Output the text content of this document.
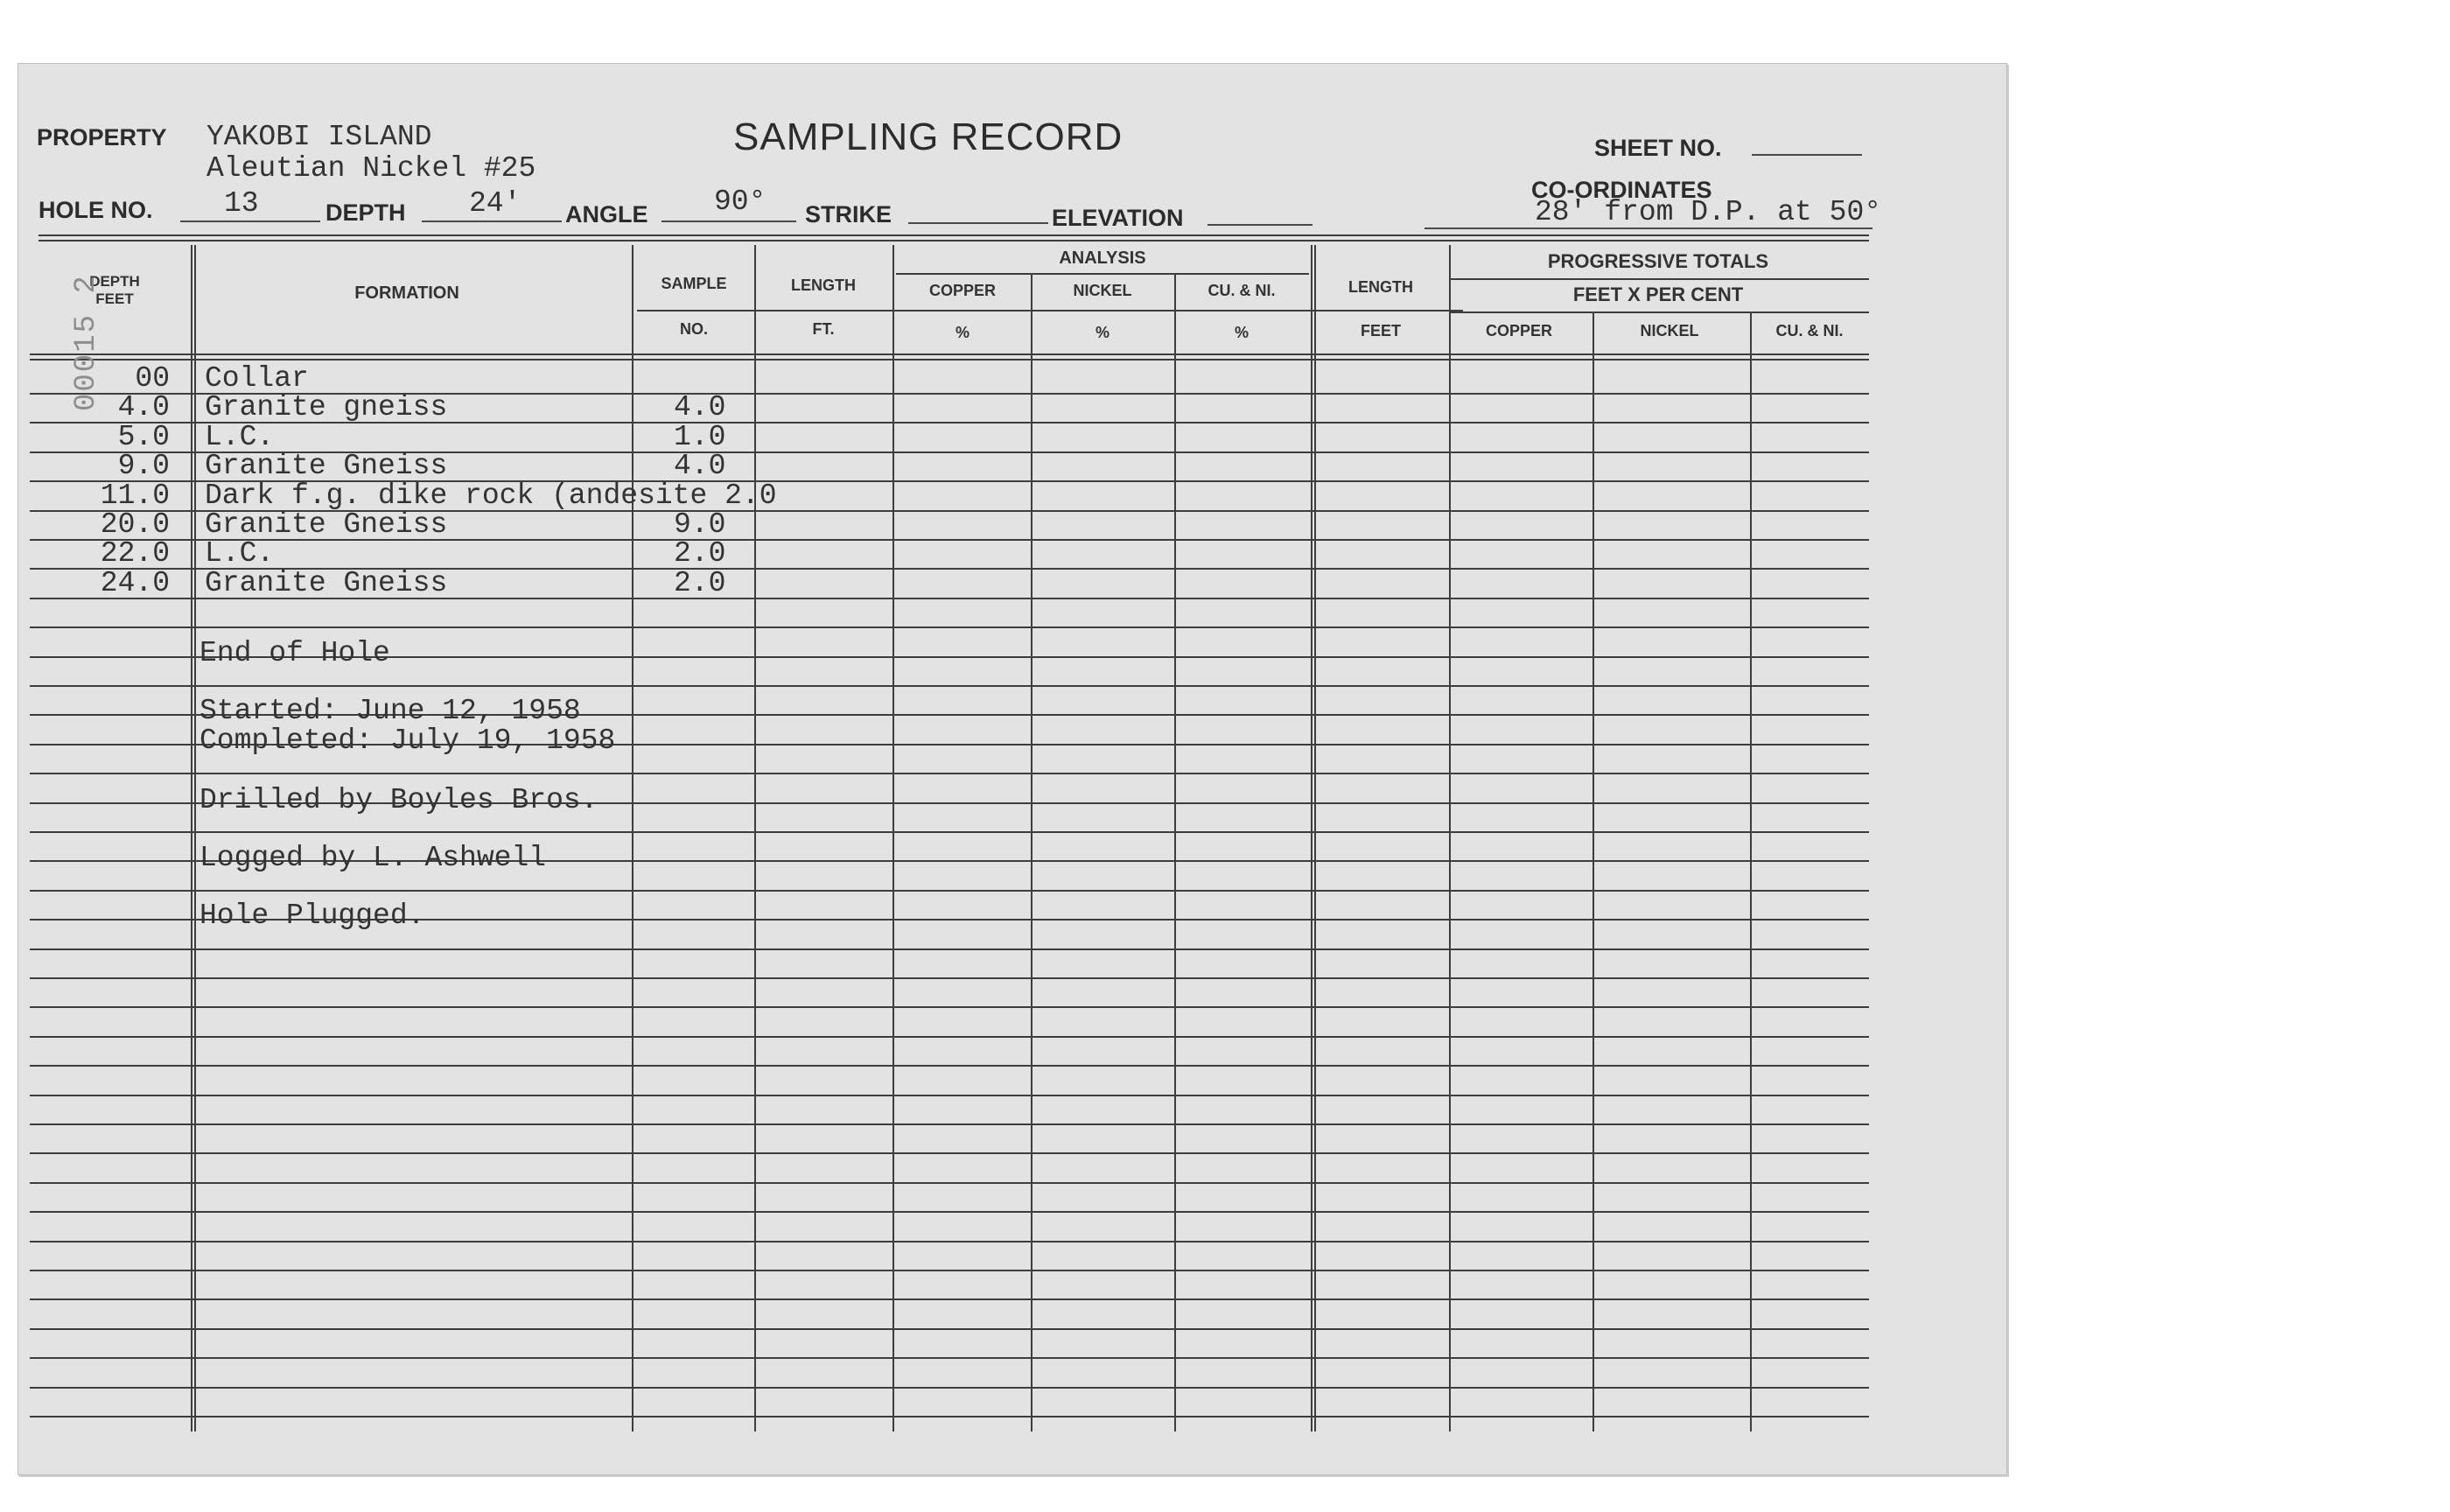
PROPERTY YAKOBI ISLAND
Aleutian Nickel #25
SAMPLING RECORD	SHEET NO.
HOLE NO. 13	DEPTH 24' ANGLE 90° STRIKE	ELEVATION
CO-ORDINATES
28' from D.P. at 50°
DEPTH FEET	FORMATION	SAMPLE
NO.
LENGTH
FT.
ANALYSIS
COPPER	NICKEL	CU. & NI.
%	%	%
LENGTH
FEET
PROGRESSIVE TOTALS
FEET X PER CENT
COPPER	NICKEL	CU. & NI.
00 Collar
4.0 Granite gneiss	4.0
5.0 L.C.	1.0
9.0 Granite Gneiss	4.0
11.0 Dark f.g. dike rock (andesite 2.0
20.0 Granite Gneiss	9.0
22.0 L.C.	2.0
24.0 Granite Gneiss	2.0
End of Hole
Started: June 12, 1958
Completed: July 19, 1958
Drilled by Boyles Bros.
Logged by L. Ashwell
Hole Plugged.
00015 2
